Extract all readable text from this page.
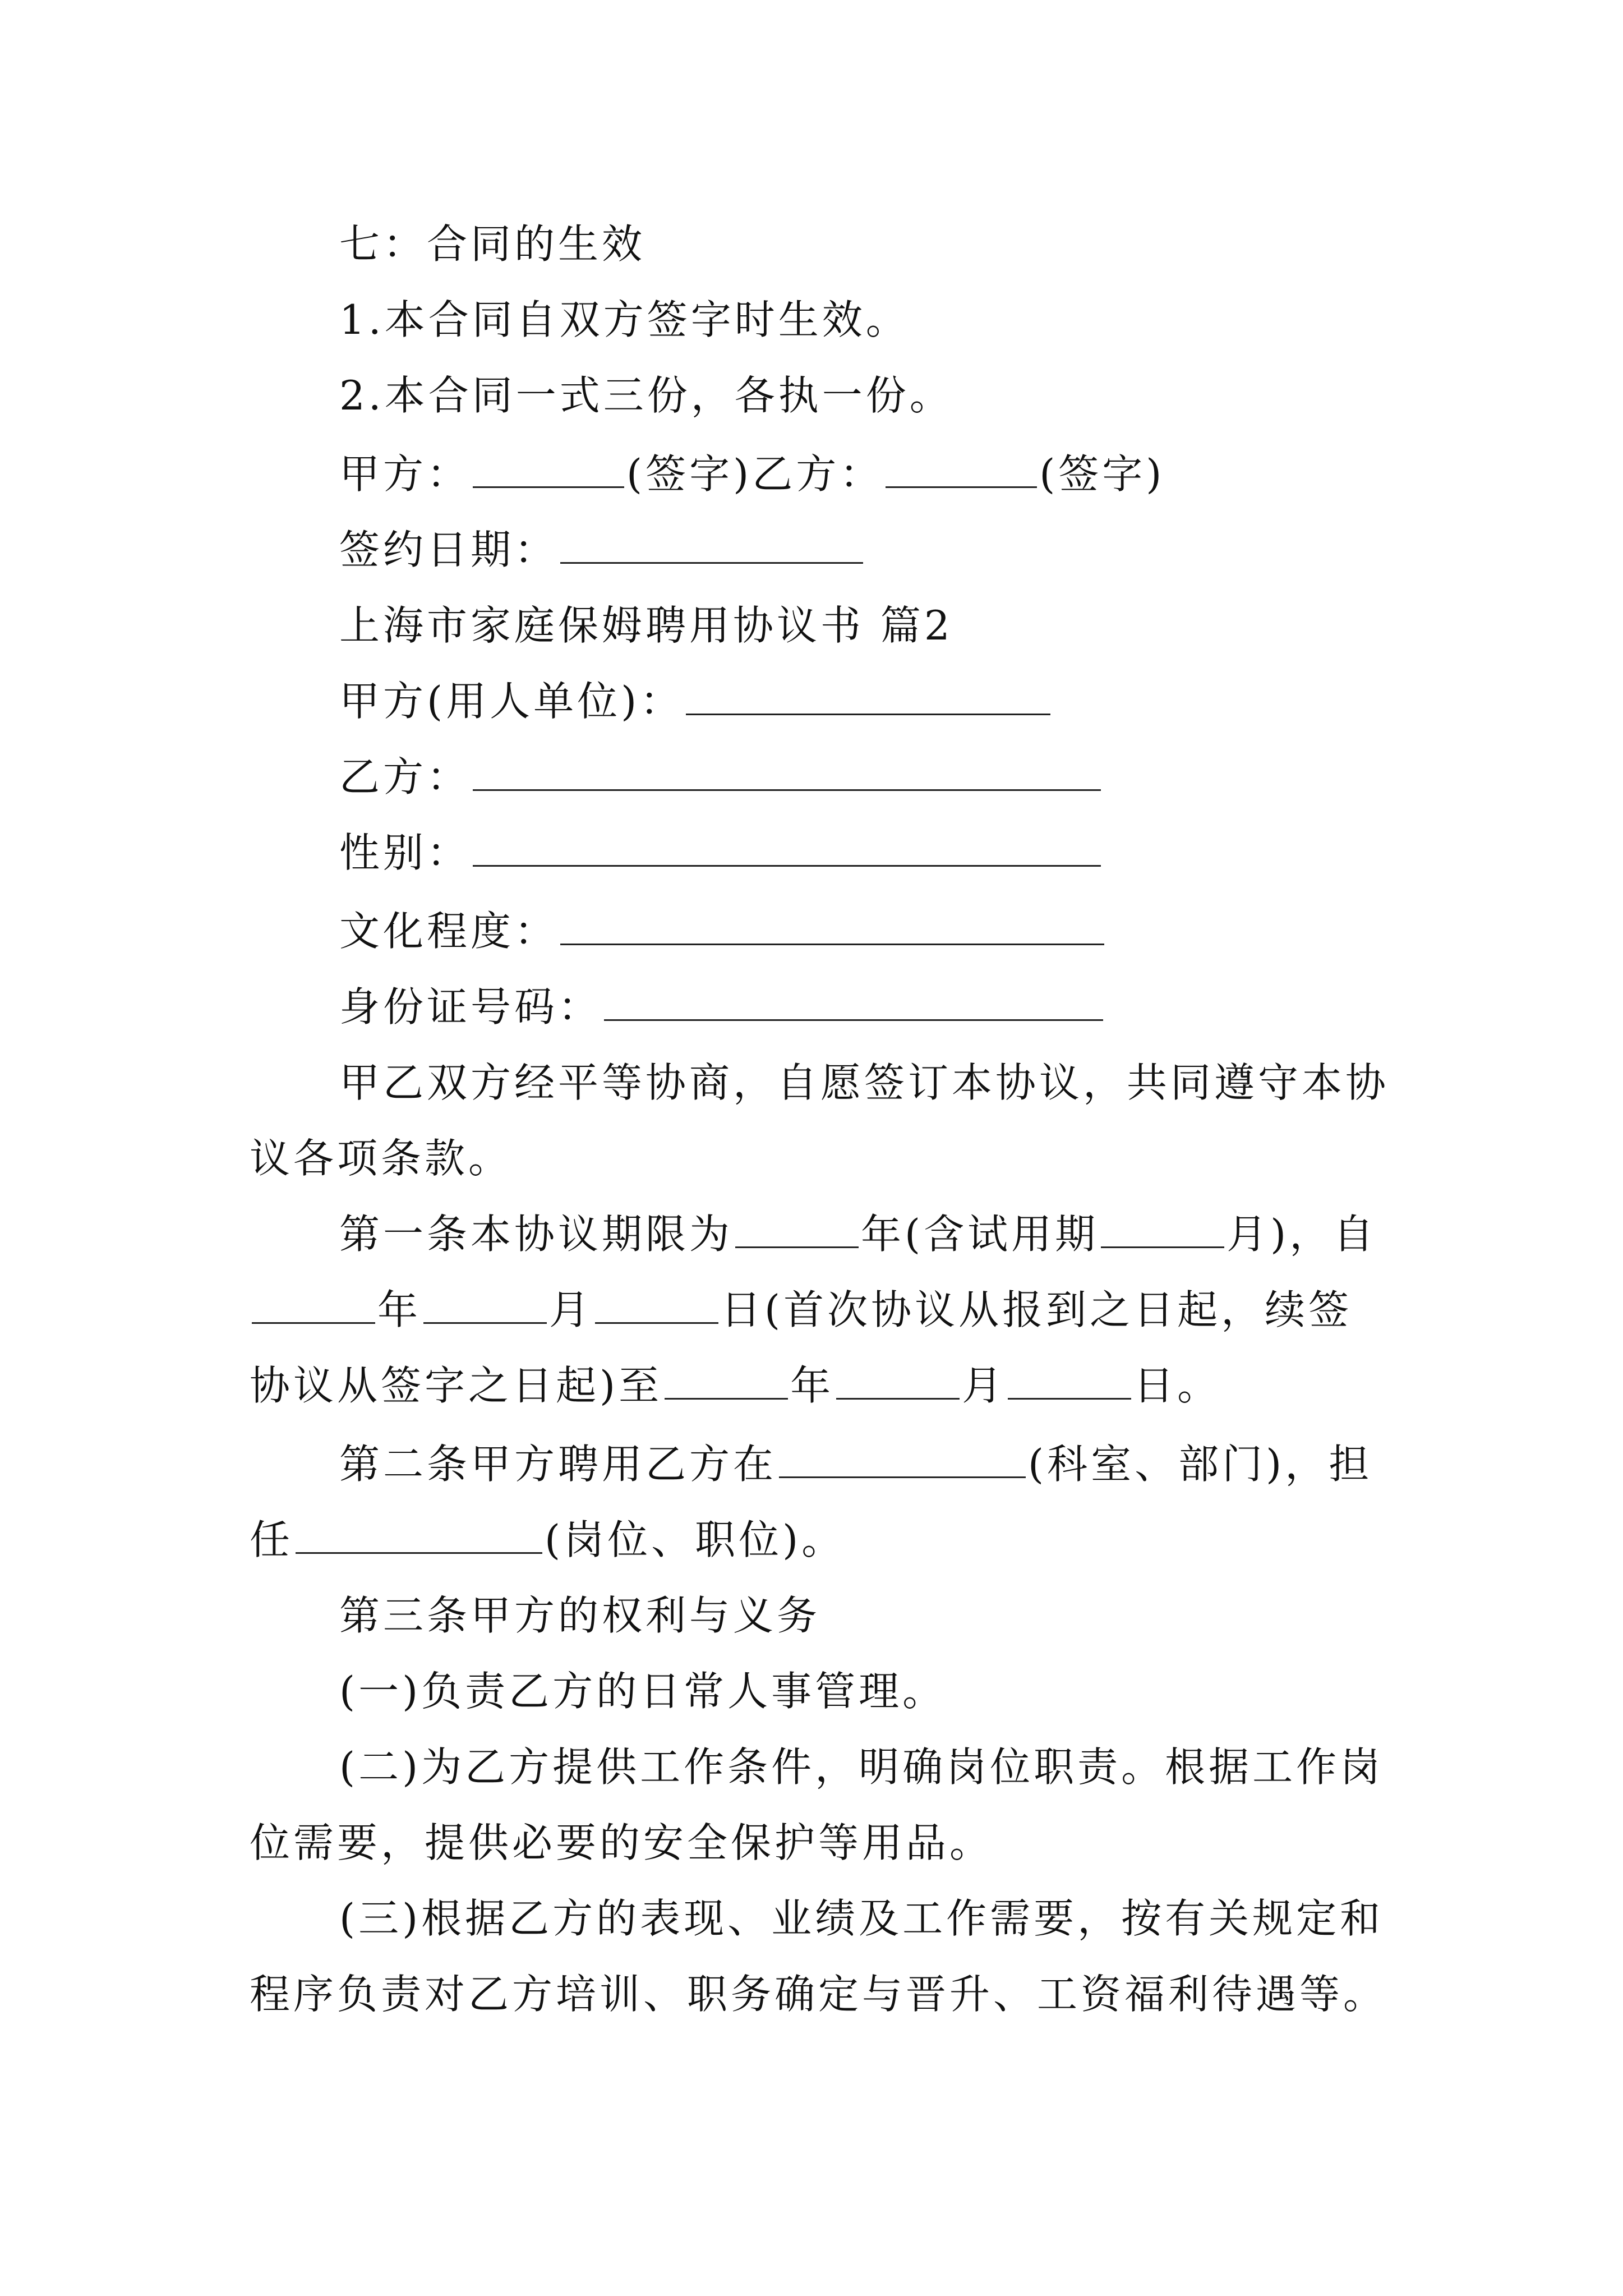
七：合同的生效
1.本合同自双方签字时生效。
2.本合同一式三份，各执一份。
甲方：	(签字)乙方：	(签字)
签约日期：
上海市家庭保姆聘用协议书 篇2
甲方(用人单位)：
乙方：
性别：
文化程度：
身份证号码：
甲乙双方经平等协商，自愿签订本协议，共同遵守本协
议各项条款。
第一条本协议期限为	年(含试用期	月)，自
年	月	日(首次协议从报到之日起，续签
协议从签字之日起)至	年	月	日。
第二条甲方聘用乙方在	(科室、部门)，担
任	(岗位、职位)。
第三条甲方的权利与义务
(一)负责乙方的日常人事管理。
(二)为乙方提供工作条件，明确岗位职责。根据工作岗
位需要，提供必要的安全保护等用品。
(三)根据乙方的表现、业绩及工作需要，按有关规定和
程序负责对乙方培训、职务确定与晋升、工资福利待遇等。
